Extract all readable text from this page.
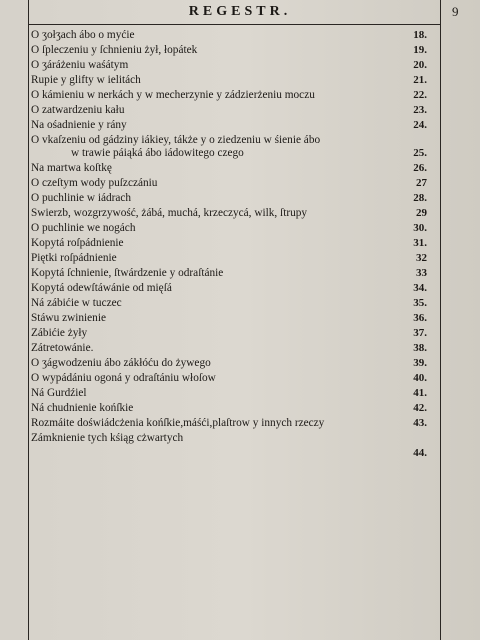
REGESTR.	9
O ʒołʒach ábo o myćie	18.
O ſpleczeniu y ſchnieniu żył, łopátek	19.
O ʒáráżeniu waśátym	20.
Rupie y glifty w ielitách	21.
O kámieniu w nerkách y w mecherzynie y zádzierżeniu moczu	22.
O zatwardzeniu kału	23.
Na ośadnienie y rány	24.
O vkaſzeniu od gádziny iákiey, tákże y o ziedzeniu w śienie ábo
w trawie páiąká ábo iádowitego czego	25.
Na martwa koſtkę	26.
O czeſtym wody puſzczániu	27
O puchlinie w iádrach	28.
Swierzb, wozgrzywość, żábá, muchá, krzeczycá, wilk, ſtrupy	29
O puchlinie we nogách	30.
Kopytá roſpádnienie	31.
Piętki roſpádnienie	32
Kopytá ſchnienie, ſtwárdzenie y odraſtánie	33
Kopytá odewſtáwánie od mięſá	34.
Ná zábićie w tuczec	35.
Stáwu zwinienie	36.
Zábićie żyły	37.
Zátretowánie.	38.
O ʒágwodzeniu ábo zákłóću do żywego	39.
O wypádániu ogoná y odraſtániu włoſow	40.
Ná Gurdźiel	41.
Ná chudnienie końſkie	42.
Rozmáite doświádcżenia końſkie,máśći,plaſtrow y innych rzeczy	43.
Zámknienie tych kśiąg cżwartych
44.
